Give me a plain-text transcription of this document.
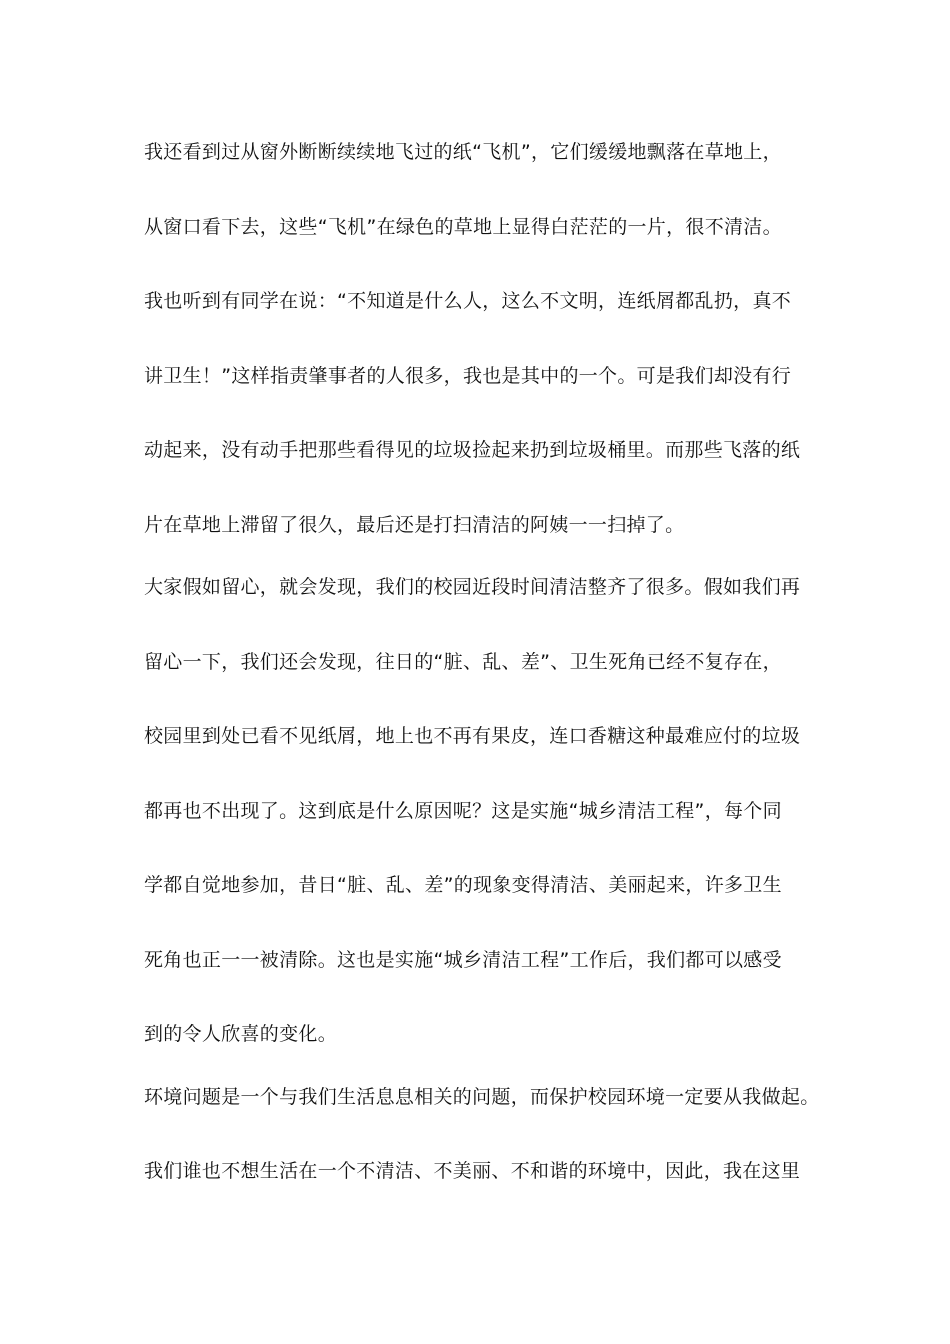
我还看到过从窗外断断续续地飞过的纸“飞机”，它们缓缓地飘落在草地上，
从窗口看下去，这些“飞机”在绿色的草地上显得白茫茫的一片，很不清洁。
我也听到有同学在说：“不知道是什么人，这么不文明，连纸屑都乱扔，真不
讲卫生！”这样指责肇事者的人很多，我也是其中的一个。可是我们却没有行
动起来，没有动手把那些看得见的垃圾捡起来扔到垃圾桶里。而那些飞落的纸
片在草地上滞留了很久，最后还是打扫清洁的阿姨一一扫掉了。
大家假如留心，就会发现，我们的校园近段时间清洁整齐了很多。假如我们再
留心一下，我们还会发现，往日的“脏、乱、差”、卫生死角已经不复存在，
校园里到处已看不见纸屑，地上也不再有果皮，连口香糖这种最难应付的垃圾
都再也不出现了。这到底是什么原因呢？这是实施“城乡清洁工程”，每个同
学都自觉地参加，昔日“脏、乱、差”的现象变得清洁、美丽起来，许多卫生
死角也正一一被清除。这也是实施“城乡清洁工程”工作后，我们都可以感受
到的令人欣喜的变化。
环境问题是一个与我们生活息息相关的问题，而保护校园环境一定要从我做起。
我们谁也不想生活在一个不清洁、不美丽、不和谐的环境中，因此，我在这里
